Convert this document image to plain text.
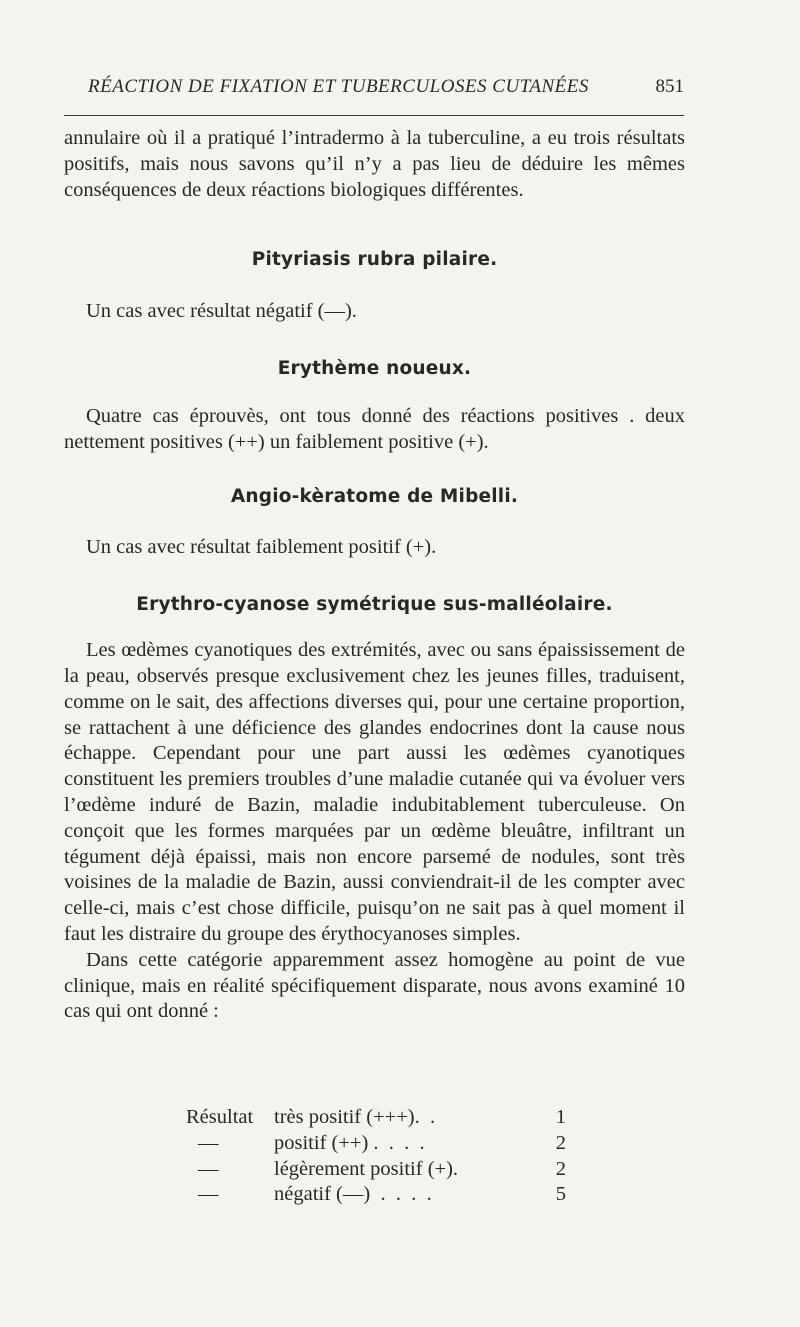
RÉACTION DE FIXATION ET TUBERCULOSES CUTANÉES	851

annulaire où il a pratiqué l’intradermo à la tuberculine, a eu trois résultats positifs, mais nous savons qu’il n’y a pas lieu de déduire les mêmes conséquences de deux réactions biologiques différentes.

Pityriasis rubra pilaire.

Un cas avec résultat négatif (—).

Erythème noueux.

Quatre cas éprouvès, ont tous donné des réactions positives . deux nettement positives (++) un faiblement positive (+).

Angio-kèratome de Mibelli.

Un cas avec résultat faiblement positif (+).

Erythro-cyanose symétrique sus-malléolaire.

Les œdèmes cyanotiques des extrémités, avec ou sans épaississement de la peau, observés presque exclusivement chez les jeunes filles, traduisent, comme on le sait, des affections diverses qui, pour une certaine proportion, se rattachent à une déficience des glandes endocrines dont la cause nous échappe. Cependant pour une part aussi les œdèmes cyanotiques constituent les premiers troubles d’une maladie cutanée qui va évoluer vers l’œdème induré de Bazin, maladie indubitablement tuberculeuse. On conçoit que les formes marquées par un œdème bleuâtre, infiltrant un tégument déjà épaissi, mais non encore parsemé de nodules, sont très voisines de la maladie de Bazin, aussi conviendrait-il de les compter avec celle-ci, mais c’est chose difficile, puisqu’on ne sait pas à quel moment il faut les distraire du groupe des érythocyanoses simples.

Dans cette catégorie apparemment assez homogène au point de vue clinique, mais en réalité spécifiquement disparate, nous avons examiné 10 cas qui ont donné :

Résultat	très positif (+++).  .	1
—	positif (++) .  .  .  .	2
—	légèrement positif (+).	2
—	négatif (—)  .  .  .  .	5
